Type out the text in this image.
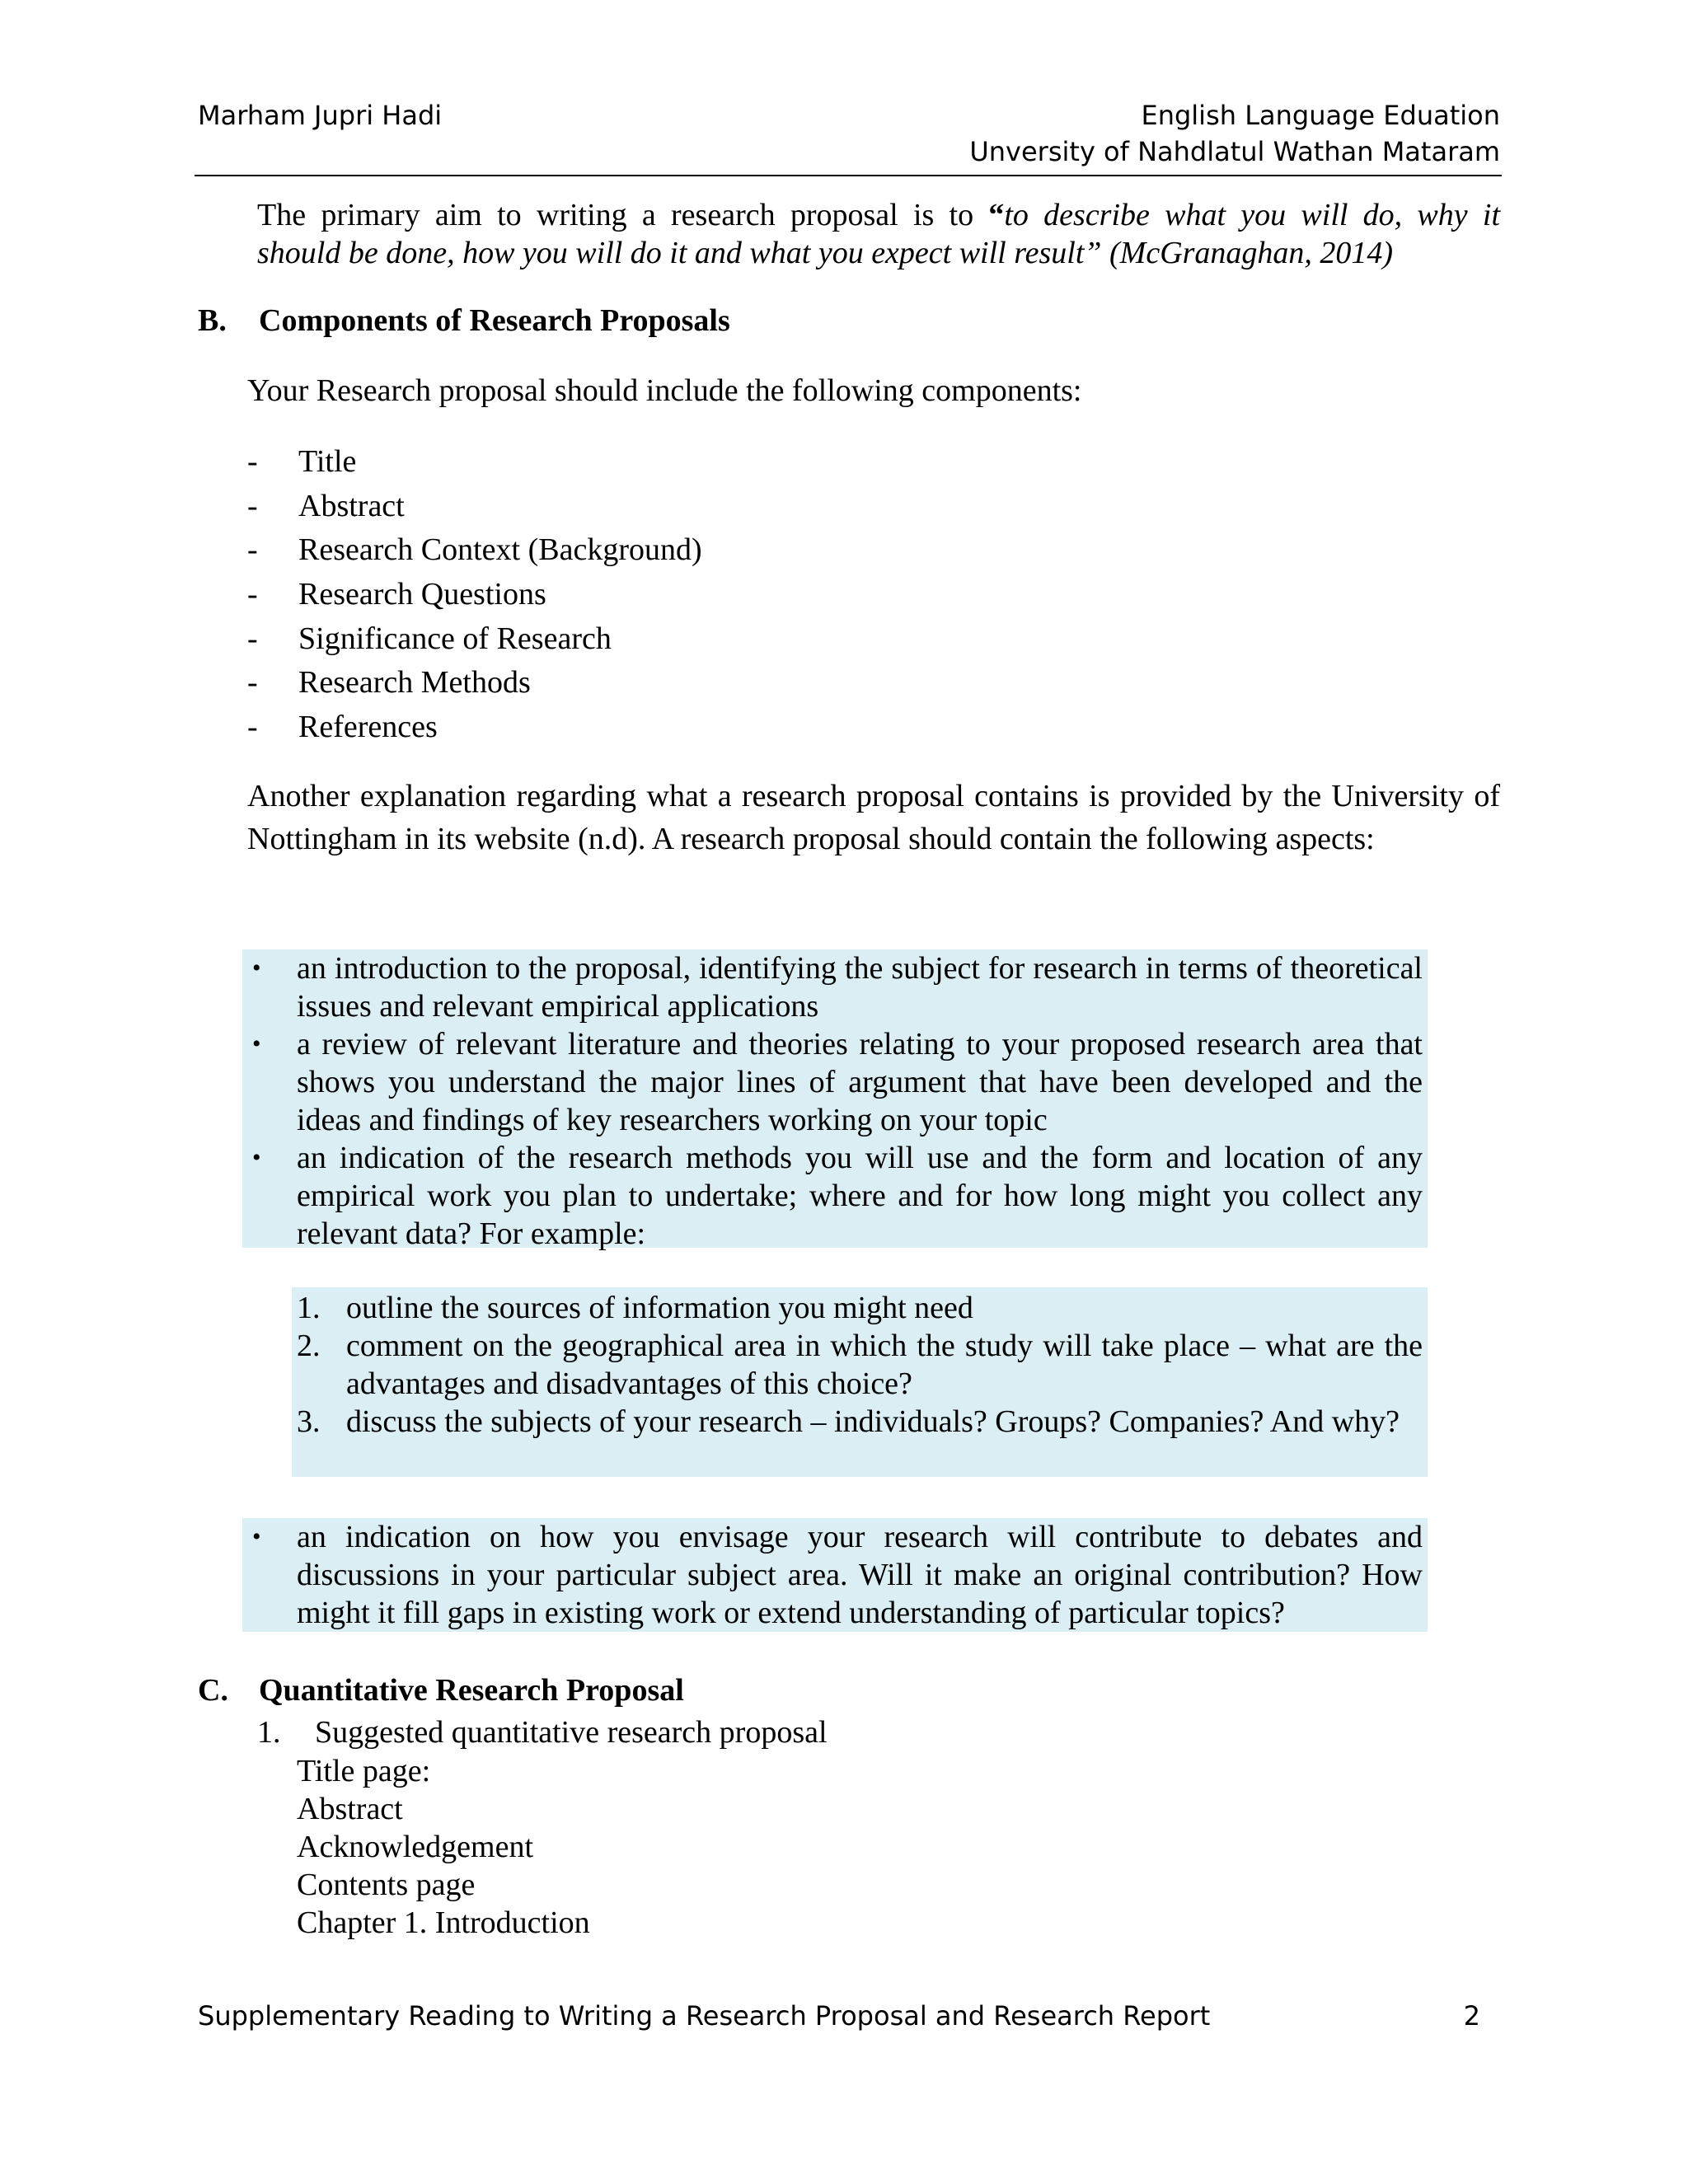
Marham Jupri Hadi	English Language Eduation
Unversity of Nahdlatul Wathan Mataram
The primary aim to writing a research proposal is to “to describe what you will do, why it
should be done, how you will do it and what you expect will result” (McGranaghan, 2014)
B. Components of Research Proposals
Your Research proposal should include the following components:
- Title
- Abstract
- Research Context (Background)
- Research Questions
- Significance of Research
- Research Methods
- References
Another explanation regarding what a research proposal contains is provided by the University of Nottingham in its website (n.d). A research proposal should contain the following aspects:
• an introduction to the proposal, identifying the subject for research in terms of theoretical issues and relevant empirical applications
• a review of relevant literature and theories relating to your proposed research area that shows you understand the major lines of argument that have been developed and the ideas and findings of key researchers working on your topic
• an indication of the research methods you will use and the form and location of any empirical work you plan to undertake; where and for how long might you collect any relevant data? For example:
1. outline the sources of information you might need
2. comment on the geographical area in which the study will take place – what are the advantages and disadvantages of this choice?
3. discuss the subjects of your research – individuals? Groups? Companies? And why?
• an indication on how you envisage your research will contribute to debates and discussions in your particular subject area. Will it make an original contribution? How might it fill gaps in existing work or extend understanding of particular topics?
C. Quantitative Research Proposal
1. Suggested quantitative research proposal
Title page:
Abstract
Acknowledgement
Contents page
Chapter 1. Introduction
Supplementary Reading to Writing a Research Proposal and Research Report	2
